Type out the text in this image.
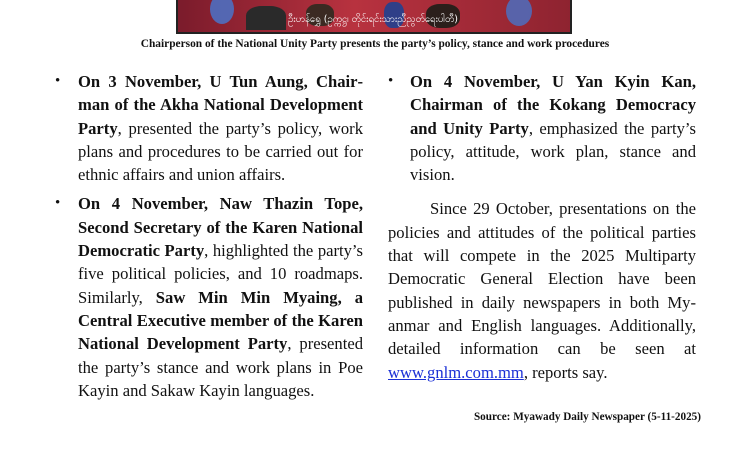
ဦးဟန်ရွှေ (ဥက္ကဋ္ဌ၊ တိုင်းရင်းသားညီညွတ်ရေးပါတီ)
Chairperson of the National Unity Party presents the party’s policy, stance and work procedures

• On 3 November, U Tun Aung, Chairman of the Akha National Development Party, presented the party’s policy, work plans and procedures to be carried out for ethnic affairs and union affairs.

• On 4 November, Naw Thazin Tope, Second Secretary of the Karen National Democratic Party, highlighted the party’s five political policies, and 10 roadmaps. Similarly, Saw Min Min Myaing, a Central Executive member of the Karen National Development Party, presented the party’s stance and work plans in Poe Kayin and Sakaw Kayin languages.

• On 4 November, U Yan Kyin Kan, Chairman of the Kokang Democracy and Unity Party, emphasized the party’s policy, attitude, work plan, stance and vision.

Since 29 October, presentations on the policies and attitudes of the political parties that will compete in the 2025 Multiparty Democratic General Election have been published in daily newspapers in both Myanmar and English languages. Additionally, detailed information can be seen at www.gnlm.com.mm, reports say.

Source: Myawady Daily Newspaper (5-11-2025)
